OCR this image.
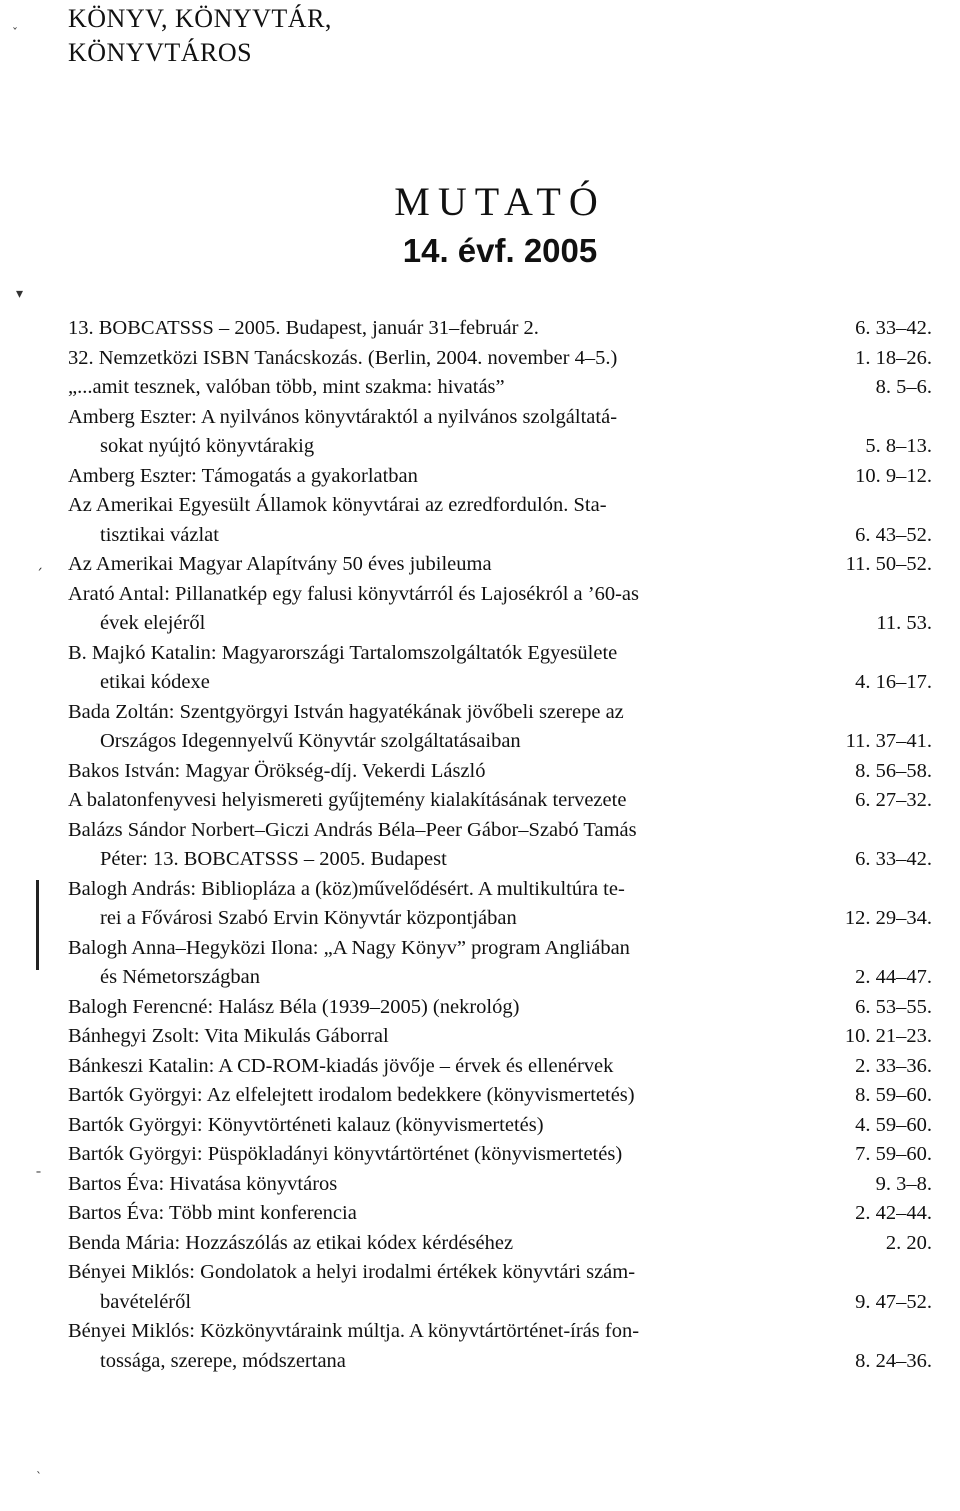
KÖNYV, KÖNYVTÁR,
KÖNYVTÁROS
MUTATÓ
14. évf. 2005
13. BOBCATSSS – 2005. Budapest, január 31–február 2.	6. 33–42.
32. Nemzetközi ISBN Tanácskozás. (Berlin, 2004. november 4–5.)	1. 18–26.
„...amit tesznek, valóban több, mint szakma: hivatás”	8. 5–6.
Amberg Eszter: A nyilvános könyvtáraktól a nyilvános szolgáltatá-
sokat nyújtó könyvtárakig	5. 8–13.
Amberg Eszter: Támogatás a gyakorlatban	10. 9–12.
Az Amerikai Egyesült Államok könyvtárai az ezredfordulón. Sta-
tisztikai vázlat	6. 43–52.
Az Amerikai Magyar Alapítvány 50 éves jubileuma	11. 50–52.
Arató Antal: Pillanatkép egy falusi könyvtárról és Lajosékról a ’60-as
évek elejéről	11. 53.
B. Majkó Katalin: Magyarországi Tartalomszolgáltatók Egyesülete
etikai kódexe	4. 16–17.
Bada Zoltán: Szentgyörgyi István hagyatékának jövőbeli szerepe az
Országos Idegennyelvű Könyvtár szolgáltatásaiban	11. 37–41.
Bakos István: Magyar Örökség-díj. Vekerdi László	8. 56–58.
A balatonfenyvesi helyismereti gyűjtemény kialakításának tervezete	6. 27–32.
Balázs Sándor Norbert–Giczi András Béla–Peer Gábor–Szabó Tamás
Péter: 13. BOBCATSSS – 2005. Budapest	6. 33–42.
Balogh András: Bibliopláza a (köz)művelődésért. A multikultúra te-
rei a Fővárosi Szabó Ervin Könyvtár központjában	12. 29–34.
Balogh Anna–Hegyközi Ilona: „A Nagy Könyv” program Angliában
és Németországban	2. 44–47.
Balogh Ferencné: Halász Béla (1939–2005) (nekrológ)	6. 53–55.
Bánhegyi Zsolt: Vita Mikulás Gáborral	10. 21–23.
Bánkeszi Katalin: A CD-ROM-kiadás jövője – érvek és ellenérvek	2. 33–36.
Bartók Györgyi: Az elfelejtett irodalom bedekkere (könyvismertetés)	8. 59–60.
Bartók Györgyi: Könyvtörténeti kalauz (könyvismertetés)	4. 59–60.
Bartók Györgyi: Püspökladányi könyvtártörténet (könyvismertetés)	7. 59–60.
Bartos Éva: Hivatása könyvtáros	9. 3–8.
Bartos Éva: Több mint konferencia	2. 42–44.
Benda Mária: Hozzászólás az etikai kódex kérdéséhez	2. 20.
Bényei Miklós: Gondolatok a helyi irodalmi értékek könyvtári szám-
bavételéről	9. 47–52.
Bényei Miklós: Közkönyvtáraink múltja. A könyvtártörténet-írás fon-
tossága, szerepe, módszertana	8. 24–36.
ˇ
▾
ˏ
ˉ
ˋ
